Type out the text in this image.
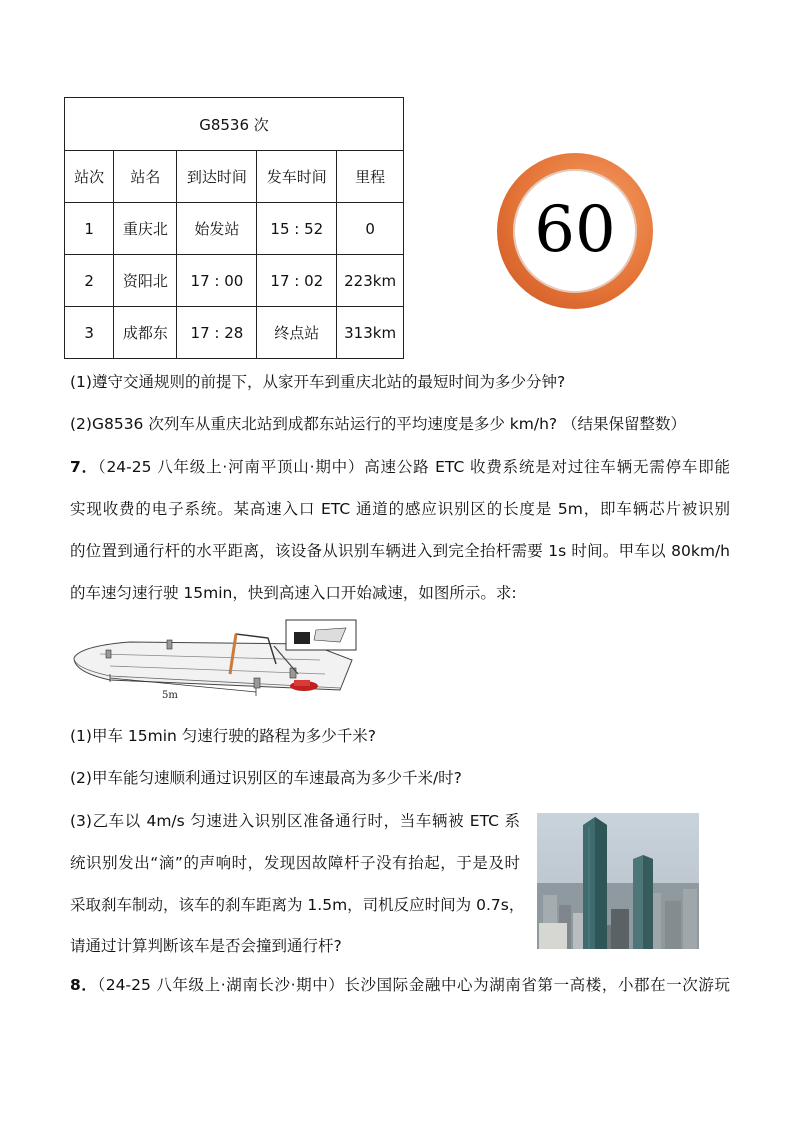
G8536 次				
站次	站名	到达时间	发车时间	里程
1	重庆北	始发站	15 : 52	0
2	资阳北	17 : 00	17 : 02	223km
3	成都东	17 : 28	终点站	313km
60
(1)遵守交通规则的前提下，从家开车到重庆北站的最短时间为多少分钟?
(2)G8536 次列车从重庆北站到成都东站运行的平均速度是多少 km/h? （结果保留整数）
7．（24-25 八年级上·河南平顶山·期中）高速公路 ETC 收费系统是对过往车辆无需停车即能
实现收费的电子系统。某高速入口 ETC 通道的感应识别区的长度是 5m，即车辆芯片被识别
的位置到通行杆的水平距离，该设备从识别车辆进入到完全抬杆需要 1s 时间。甲车以 80km/h
的车速匀速行驶 15min，快到高速入口开始减速，如图所示。求:
5m
(1)甲车 15min 匀速行驶的路程为多少千米?
(2)甲车能匀速顺利通过识别区的车速最高为多少千米/时?
(3)乙车以 4m/s 匀速进入识别区准备通行时，当车辆被 ETC 系
统识别发出“滴”的声响时，发现因故障杆子没有抬起，于是及时
采取刹车制动，该车的刹车距离为 1.5m，司机反应时间为 0.7s，
请通过计算判断该车是否会撞到通行杆?
8．（24-25 八年级上·湖南长沙·期中）长沙国际金融中心为湖南省第一高楼，小郡在一次游玩
